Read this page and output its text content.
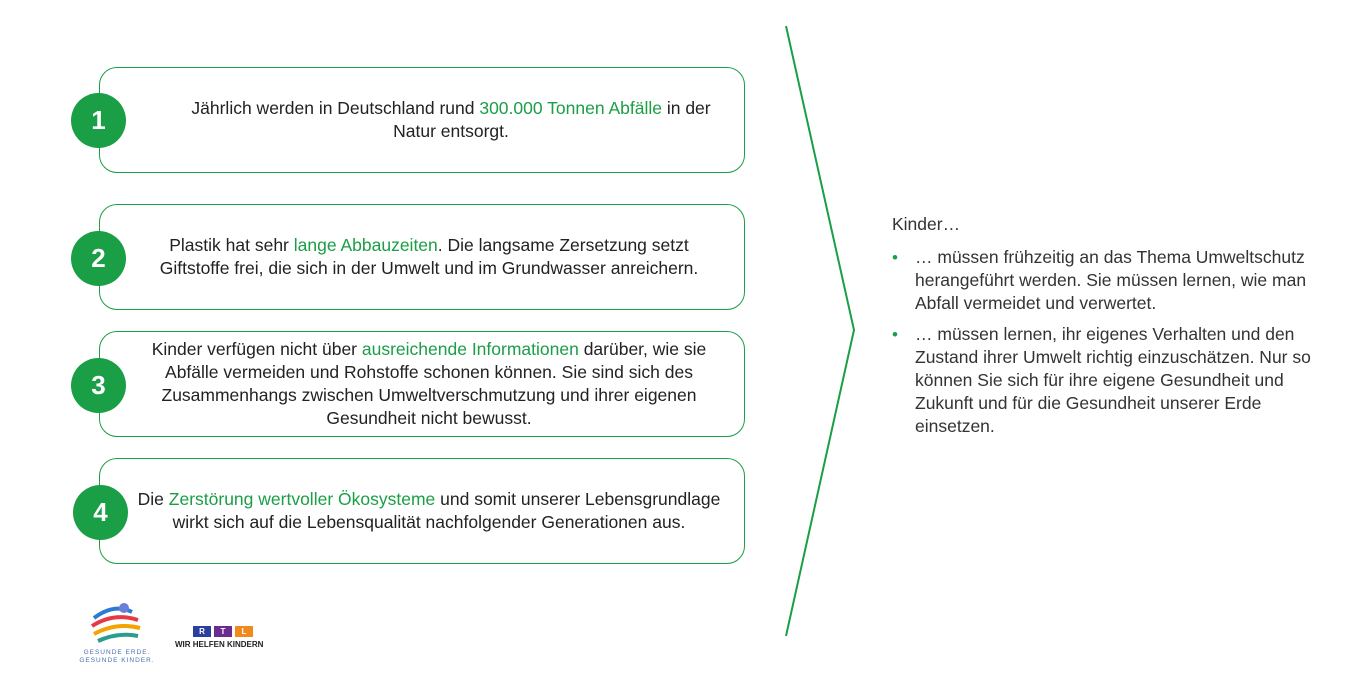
Jährlich werden in Deutschland rund 300.000 Tonnen Abfälle in der Natur entsorgt.
1
Plastik hat sehr lange Abbauzeiten. Die langsame Zersetzung setzt Giftstoffe frei, die sich in der Umwelt und im Grundwasser anreichern.
2
Kinder verfügen nicht über ausreichende Informationen darüber, wie sie Abfälle vermeiden und Rohstoffe schonen können. Sie sind sich des Zusammenhangs zwischen Umweltverschmutzung und ihrer eigenen Gesundheit nicht bewusst.
3
Die Zerstörung wertvoller Ökosysteme und somit unserer Lebensgrundlage wirkt sich auf die Lebensqualität nachfolgender Generationen aus.
4

Kinder…

• … müssen frühzeitig an das Thema Umweltschutz herangeführt werden. Sie müssen lernen, wie man Abfall vermeidet und verwertet.
• … müssen lernen, ihr eigenes Verhalten und den Zustand ihrer Umwelt richtig einzuschätzen. Nur so können Sie sich für ihre eigene Gesundheit und Zukunft und für die Gesundheit unserer Erde einsetzen.
GESUNDE ERDE.
GESUNDE KINDER.
R	T	L
WIR HELFEN KINDERN
